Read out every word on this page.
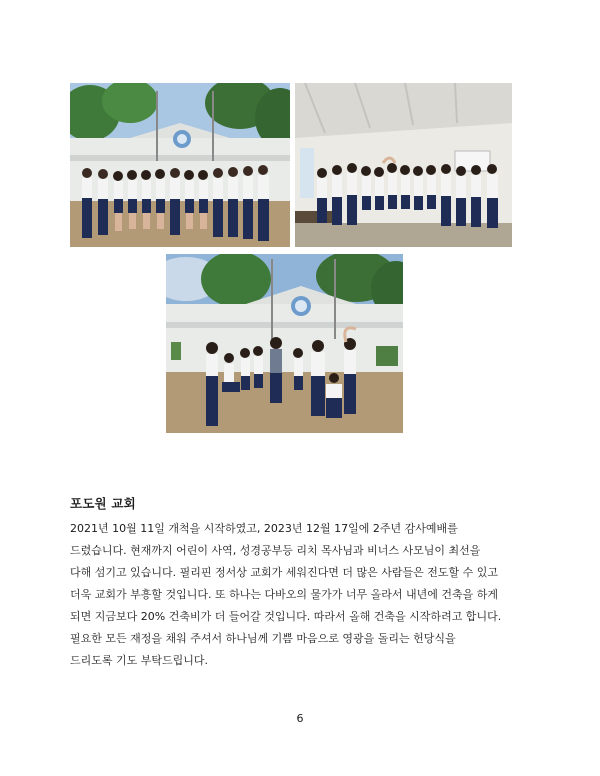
포도원 교회
2021년 10월 11일 개척을 시작하였고, 2023년 12월 17일에 2주년 감사예배를
드렸습니다. 현재까지 어린이 사역, 성경공부등 리치 목사님과 비너스 사모님이 최선을
다해 섬기고 있습니다. 필리핀 정서상 교회가 세워진다면 더 많은 사람들은 전도할 수 있고
더욱 교회가 부흥할 것입니다. 또 하나는 다바오의 물가가 너무 올라서 내년에 건축을 하게
되면 지금보다 20% 건축비가 더 들어갈 것입니다. 따라서 올해 건축을 시작하려고 합니다.
필요한 모든 재정을 채워 주셔서 하나님께 기쁨 마음으로 영광을 돌리는 헌당식을
드리도록 기도 부탁드립니다.
6
